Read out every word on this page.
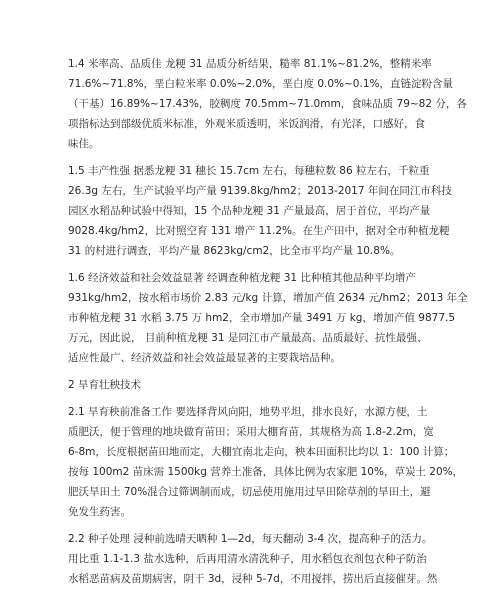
1.4 米率高、品质佳 龙粳 31 品质分析结果，糙率 81.1%~81.2%，整精米率
71.6%~71.8%，垩白粒米率 0.0%~2.0%，垩白度 0.0%~0.1%，直链淀粉含量
（干基）16.89%~17.43%，胶稠度 70.5mm~71.0mm，食味品质 79~82 分，各
项指标达到部级优质米标准，外观米质透明，米饭润滑，有光泽，口感好，食
味佳。

1.5 丰产性强 据悉龙粳 31 穗长 15.7cm 左右，每穗粒数 86 粒左右，千粒重
26.3g 左右，生产试验平均产量 9139.8kg/hm2；2013-2017 年间在同江市科技
园区水稻品种试验中得知，15 个品种龙粳 31 产量最高，居于首位，平均产量
9028.4kg/hm2，比对照空育 131 增产 11.2%。在生产田中，据对全市种植龙粳
31 的村进行调查，平均产量 8623kg/cm2，比全市平均产量 10.8%。

1.6 经济效益和社会效益显著 经调查种植龙粳 31 比种植其他品种平均增产
931kg/hm2，按水稻市场价 2.83 元/kg 计算，增加产值 2634 元/hm2；2013 年全
市种植龙粳 31 水稻 3.75 万 hm2，全市增加产量 3491 万 kg，增加产值 9877.5
万元，因此说， 目前种植龙粳 31 是同江市产量最高、品质最好、抗性最强、
适应性最广、经济效益和社会效益最显著的主要栽培品种。

2 旱育壮秧技术

2.1 旱育秧前准备工作 要选择背风向阳，地势平坦，排水良好，水源方便，土
质肥沃，便于管理的地块做育苗田；采用大棚育苗，其规格为高 1.8-2.2m，宽
6-8m，长度根据苗田地而定，大棚宜南北走向，秧本田面积比均以 1：100 计算；
按每 100m2 苗床需 1500kg 营养土准备，具体比例为农家肥 10%，草炭土 20%，
肥沃旱田土 70%混合过筛调制而成，切忌使用施用过旱田除草剂的旱田土，避
免发生药害。

2.2 种子处理 浸种前选晴天晒种 1—2d，每天翻动 3-4 次，提高种子的活力。
用比重 1.1-1.3 盐水选种，后再用清水清洗种子，用水稻包衣剂包衣种子防治
水稻恶苗病及苗期病害，阴干 3d，浸种 5-7d，不用搅拌，捞出后直接催芽。然
